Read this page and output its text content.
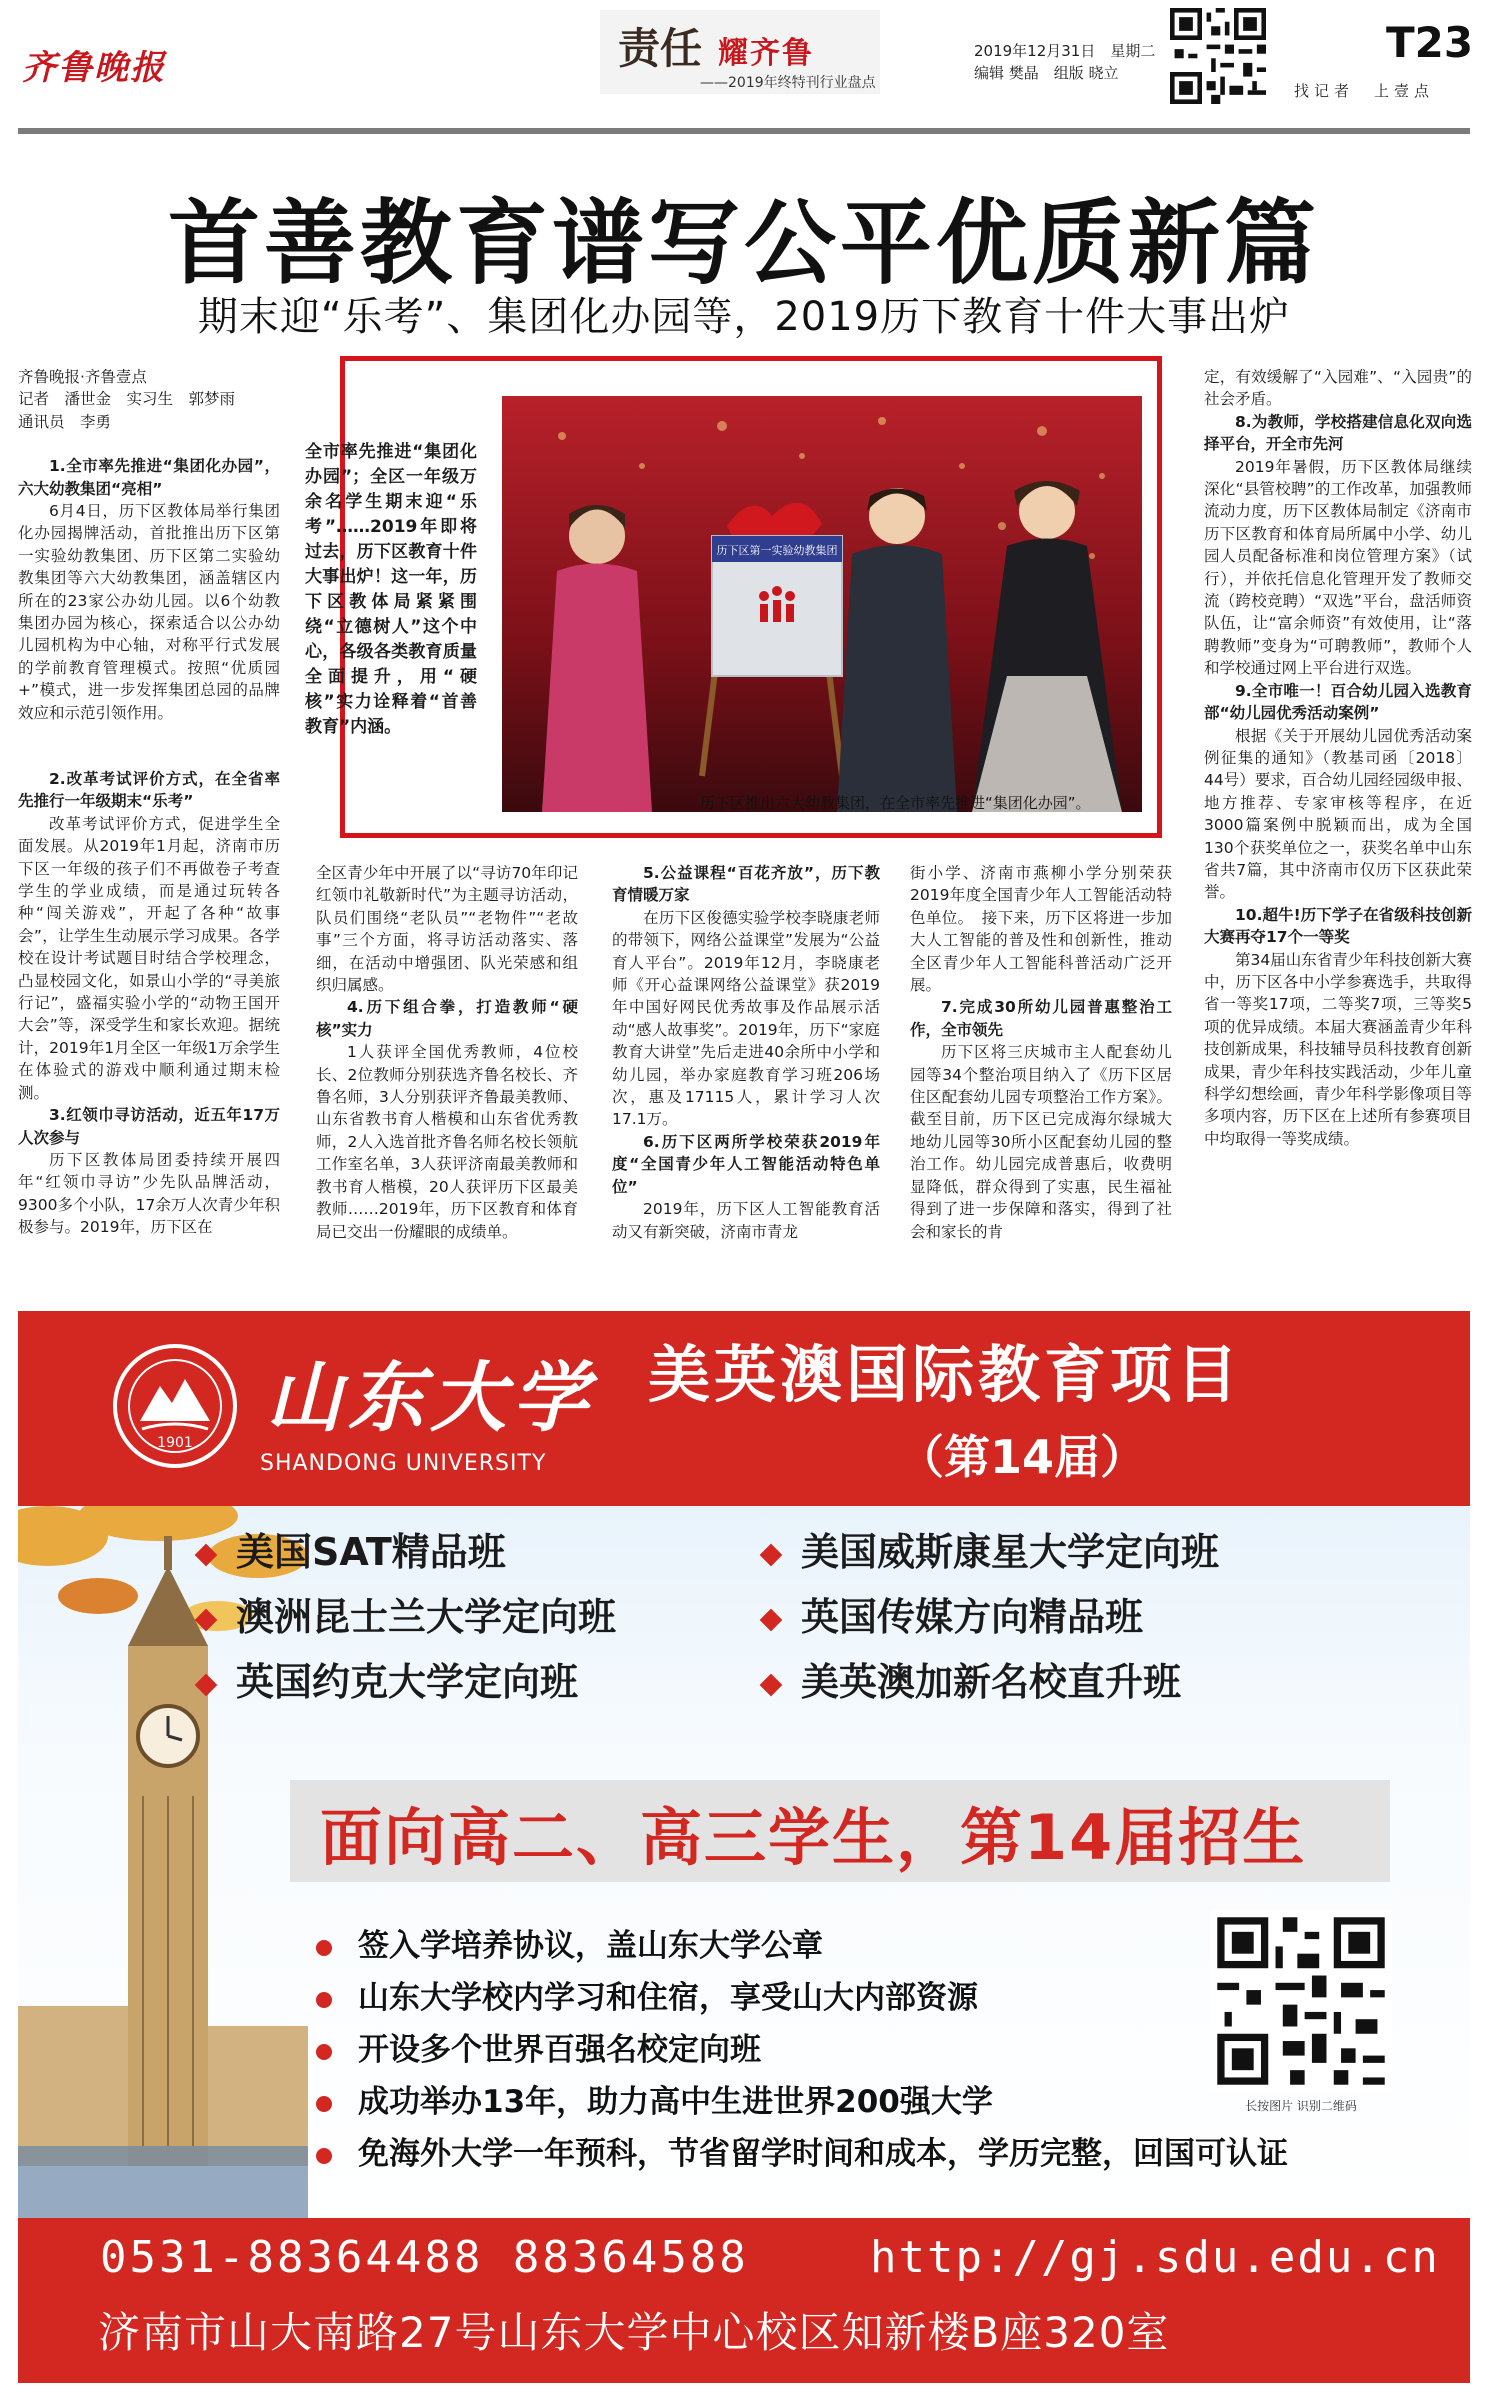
齐鲁晚报	责任 耀齐鲁
——2019年终特刊行业盘点
2019年12月31日　星期二
编辑 樊晶　组版 晓立
T23
找记者　上壹点
首善教育谱写公平优质新篇
期末迎“乐考”、集团化办园等，2019历下教育十件大事出炉
齐鲁晚报·齐鲁壹点
记者　潘世金　实习生　郭梦雨
通讯员　李勇

1.全市率先推进“集团化办园”，六大幼教集团“亮相”

6月4日，历下区教体局举行集团化办园揭牌活动，首批推出历下区第一实验幼教集团、历下区第二实验幼教集团等六大幼教集团，涵盖辖区内所在的23家公办幼儿园。以6个幼教集团办园为核心，探索适合以公办幼儿园机构为中心轴，对称平行式发展的学前教育管理模式。按照“优质园+”模式，进一步发挥集团总园的品牌效应和示范引领作用。

全市率先推进“集团化办园”；全区一年级万余名学生期末迎“乐考”……2019年即将过去，历下区教育十件大事出炉！这一年，历下区教体局紧紧围绕“立德树人”这个中心，各级各类教育质量全面提升，用“硬核”实力诠释着“首善教育”内涵。
历下区第一实验幼教集团
历下区推出六大幼教集团，在全市率先推进“集团化办园”。

2.改革考试评价方式，在全省率先推行一年级期末“乐考”

改革考试评价方式，促进学生全面发展。从2019年1月起，济南市历下区一年级的孩子们不再做卷子考查学生的学业成绩，而是通过玩转各种“闯关游戏”，开起了各种“故事会”，让学生生动展示学习成果。各学校在设计考试题目时结合学校理念，凸显校园文化，如景山小学的“寻美旅行记”，盛福实验小学的“动物王国开大会”等，深受学生和家长欢迎。据统计，2019年1月全区一年级1万余学生在体验式的游戏中顺利通过期末检测。

3.红领巾寻访活动，近五年17万人次参与

历下区教体局团委持续开展四年“红领巾寻访”少先队品牌活动，9300多个小队，17余万人次青少年积极参与。2019年，历下区在

全区青少年中开展了以“寻访70年印记　红领巾礼敬新时代”为主题寻访活动，队员们围绕“老队员”“老物件”“老故事”三个方面，将寻访活动落实、落细，在活动中增强团、队光荣感和组织归属感。

4.历下组合拳，打造教师“硬核”实力

1人获评全国优秀教师，4位校长、2位教师分别获选齐鲁名校长、齐鲁名师，3人分别获评齐鲁最美教师、山东省教书育人楷模和山东省优秀教师，2人入选首批齐鲁名师名校长领航工作室名单，3人获评济南最美教师和教书育人楷模，20人获评历下区最美教师……2019年，历下区教育和体育局已交出一份耀眼的成绩单。

5.公益课程“百花齐放”，历下教育情暖万家

在历下区俊德实验学校李晓康老师的带领下，网络公益课堂”发展为“公益育人平台”。2019年12月，李晓康老师《开心益课网络公益课堂》获2019年中国好网民优秀故事及作品展示活动“感人故事奖”。2019年，历下“家庭教育大讲堂”先后走进40余所中小学和幼儿园，举办家庭教育学习班206场次，惠及17115人，累计学习人次17.1万。

6.历下区两所学校荣获2019年度“全国青少年人工智能活动特色单位”

2019年，历下区人工智能教育活动又有新突破，济南市青龙

街小学、济南市燕柳小学分别荣获2019年度全国青少年人工智能活动特色单位。　接下来，历下区将进一步加大人工智能的普及性和创新性，推动全区青少年人工智能科普活动广泛开展。

7.完成30所幼儿园普惠整治工作，全市领先

历下区将三庆城市主人配套幼儿园等34个整治项目纳入了《历下区居住区配套幼儿园专项整治工作方案》。截至目前，历下区已完成海尔绿城大地幼儿园等30所小区配套幼儿园的整治工作。幼儿园完成普惠后，收费明显降低，群众得到了实惠，民生福祉得到了进一步保障和落实，得到了社会和家长的肯

定，有效缓解了“入园难”、“入园贵”的社会矛盾。

8.为教师，学校搭建信息化双向选择平台，开全市先河

2019年暑假，历下区教体局继续深化“县管校聘”的工作改革，加强教师流动力度，历下区教体局制定《济南市历下区教育和体育局所属中小学、幼儿园人员配备标准和岗位管理方案》（试行），并依托信息化管理开发了教师交流（跨校竞聘）“双选”平台，盘活师资队伍，让“富余师资”有效使用，让“落聘教师”变身为“可聘教师”，教师个人和学校通过网上平台进行双选。

9.全市唯一！百合幼儿园入选教育部“幼儿园优秀活动案例”

根据《关于开展幼儿园优秀活动案例征集的通知》（教基司函〔2018〕44号）要求，百合幼儿园经园级申报、地方推荐、专家审核等程序，在近3000篇案例中脱颖而出，成为全国130个获奖单位之一，获奖名单中山东省共7篇，其中济南市仅历下区获此荣誉。

10.超牛!历下学子在省级科技创新大赛再夺17个一等奖

第34届山东省青少年科技创新大赛中，历下区各中小学参赛选手，共取得省一等奖17项，二等奖7项，三等奖5项的优异成绩。本届大赛涵盖青少年科技创新成果，科技辅导员科技教育创新成果，青少年科技实践活动，少年儿童科学幻想绘画，青少年科学影像项目等多项内容，历下区在上述所有参赛项目中均取得一等奖成绩。

1901
山东大学
SHANDONG UNIVERSITY
美英澳国际教育项目
（第14届）
美国SAT精品班
澳洲昆士兰大学定向班
英国约克大学定向班
美国威斯康星大学定向班
英国传媒方向精品班
美英澳加新名校直升班
面向高二、高三学生，第14届招生
签入学培养协议，盖山东大学公章
山东大学校内学习和住宿，享受山大内部资源
开设多个世界百强名校定向班
成功举办13年，助力高中生进世界200强大学
免海外大学一年预科，节省留学时间和成本，学历完整，回国可认证
长按图片 识别二维码
0531-88364488 88364588	http://gj.sdu.edu.cn
济南市山大南路27号山东大学中心校区知新楼B座320室
